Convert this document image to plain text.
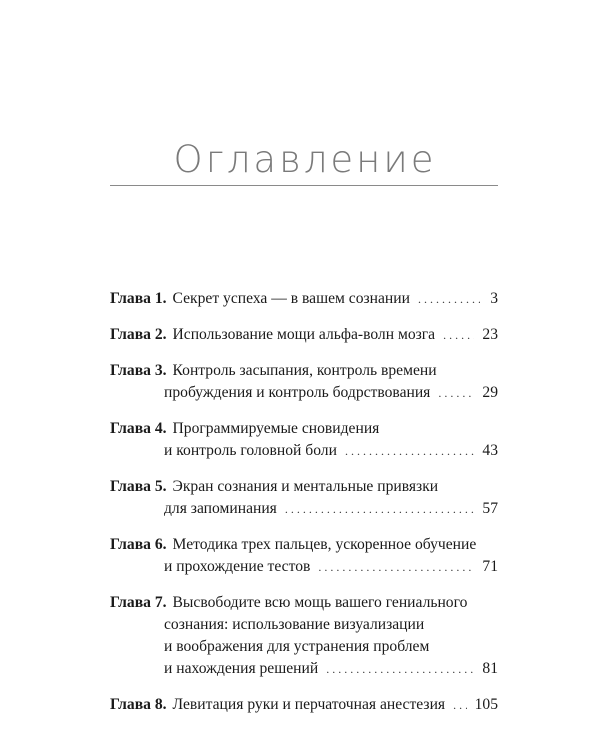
Оглавление
Глава 1. Секрет успеха — в вашем сознании . . .	3
Глава 2. Использование мощи альфа-волн мозга . . .	23
Глава 3. Контроль засыпания, контроль времени
пробуждения и контроль бодрствования . . .	29
Глава 4. Программируемые сновидения
и контроль головной боли . . .	43
Глава 5. Экран сознания и ментальные привязки
для запоминания . . .	57
Глава 6. Методика трех пальцев, ускоренное обучение
и прохождение тестов . . .	71
Глава 7. Высвободите всю мощь вашего гениального
сознания: использование визуализации
и воображения для устранения проблем
и нахождения решений . . .	81
Глава 8. Левитация руки и перчаточная анестезия . . . 105
